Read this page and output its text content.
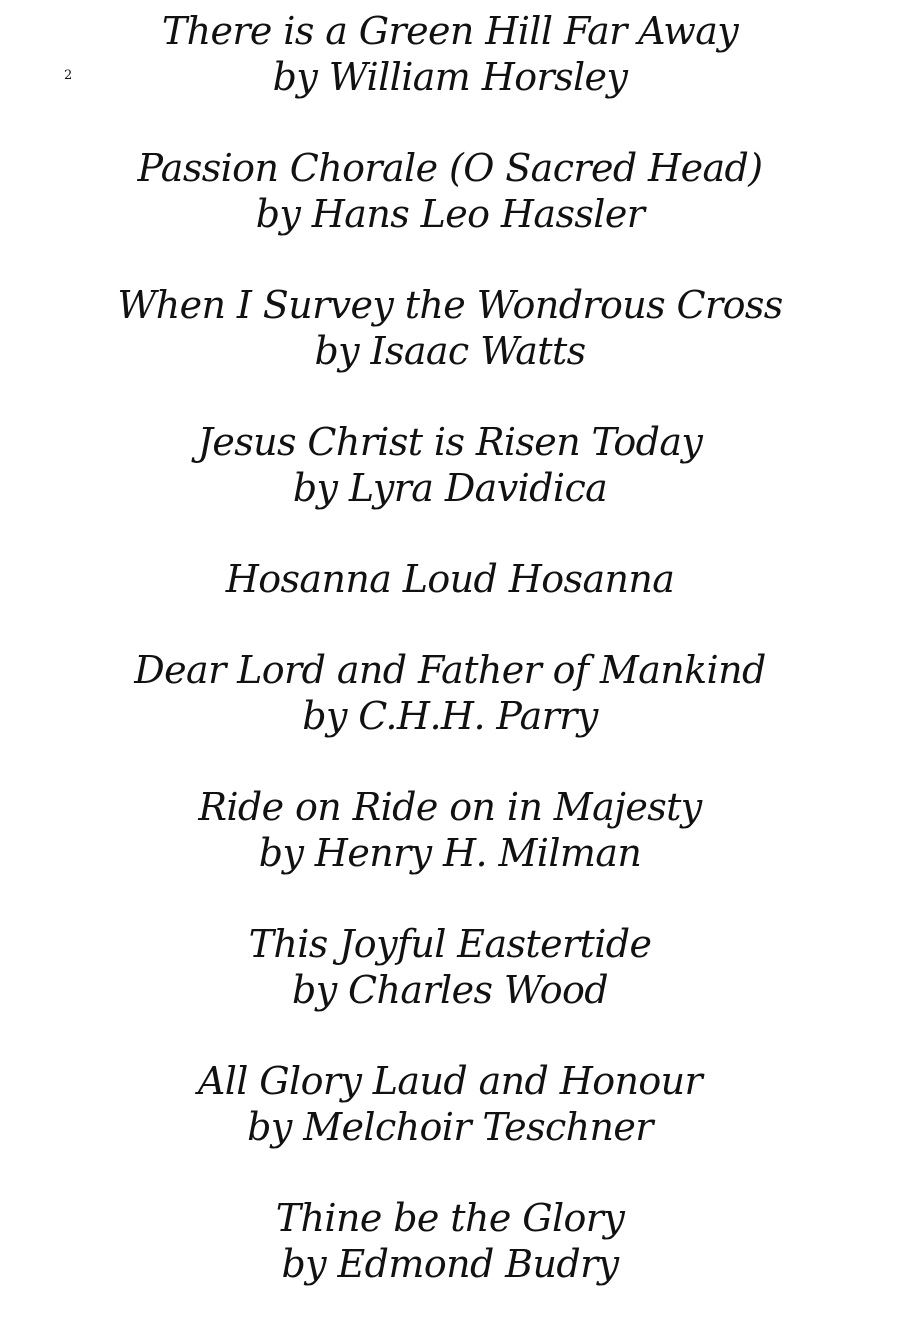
2
There is a Green Hill Far Away
by William Horsley
Passion Chorale (O Sacred Head)
by Hans Leo Hassler
When I Survey the Wondrous Cross
by Isaac Watts
Jesus Christ is Risen Today
by Lyra Davidica
Hosanna Loud Hosanna
Dear Lord and Father of Mankind
by C.H.H. Parry
Ride on Ride on in Majesty
by Henry H. Milman
This Joyful Eastertide
by Charles Wood
All Glory Laud and Honour
by Melchoir Teschner
Thine be the Glory
by Edmond Budry
